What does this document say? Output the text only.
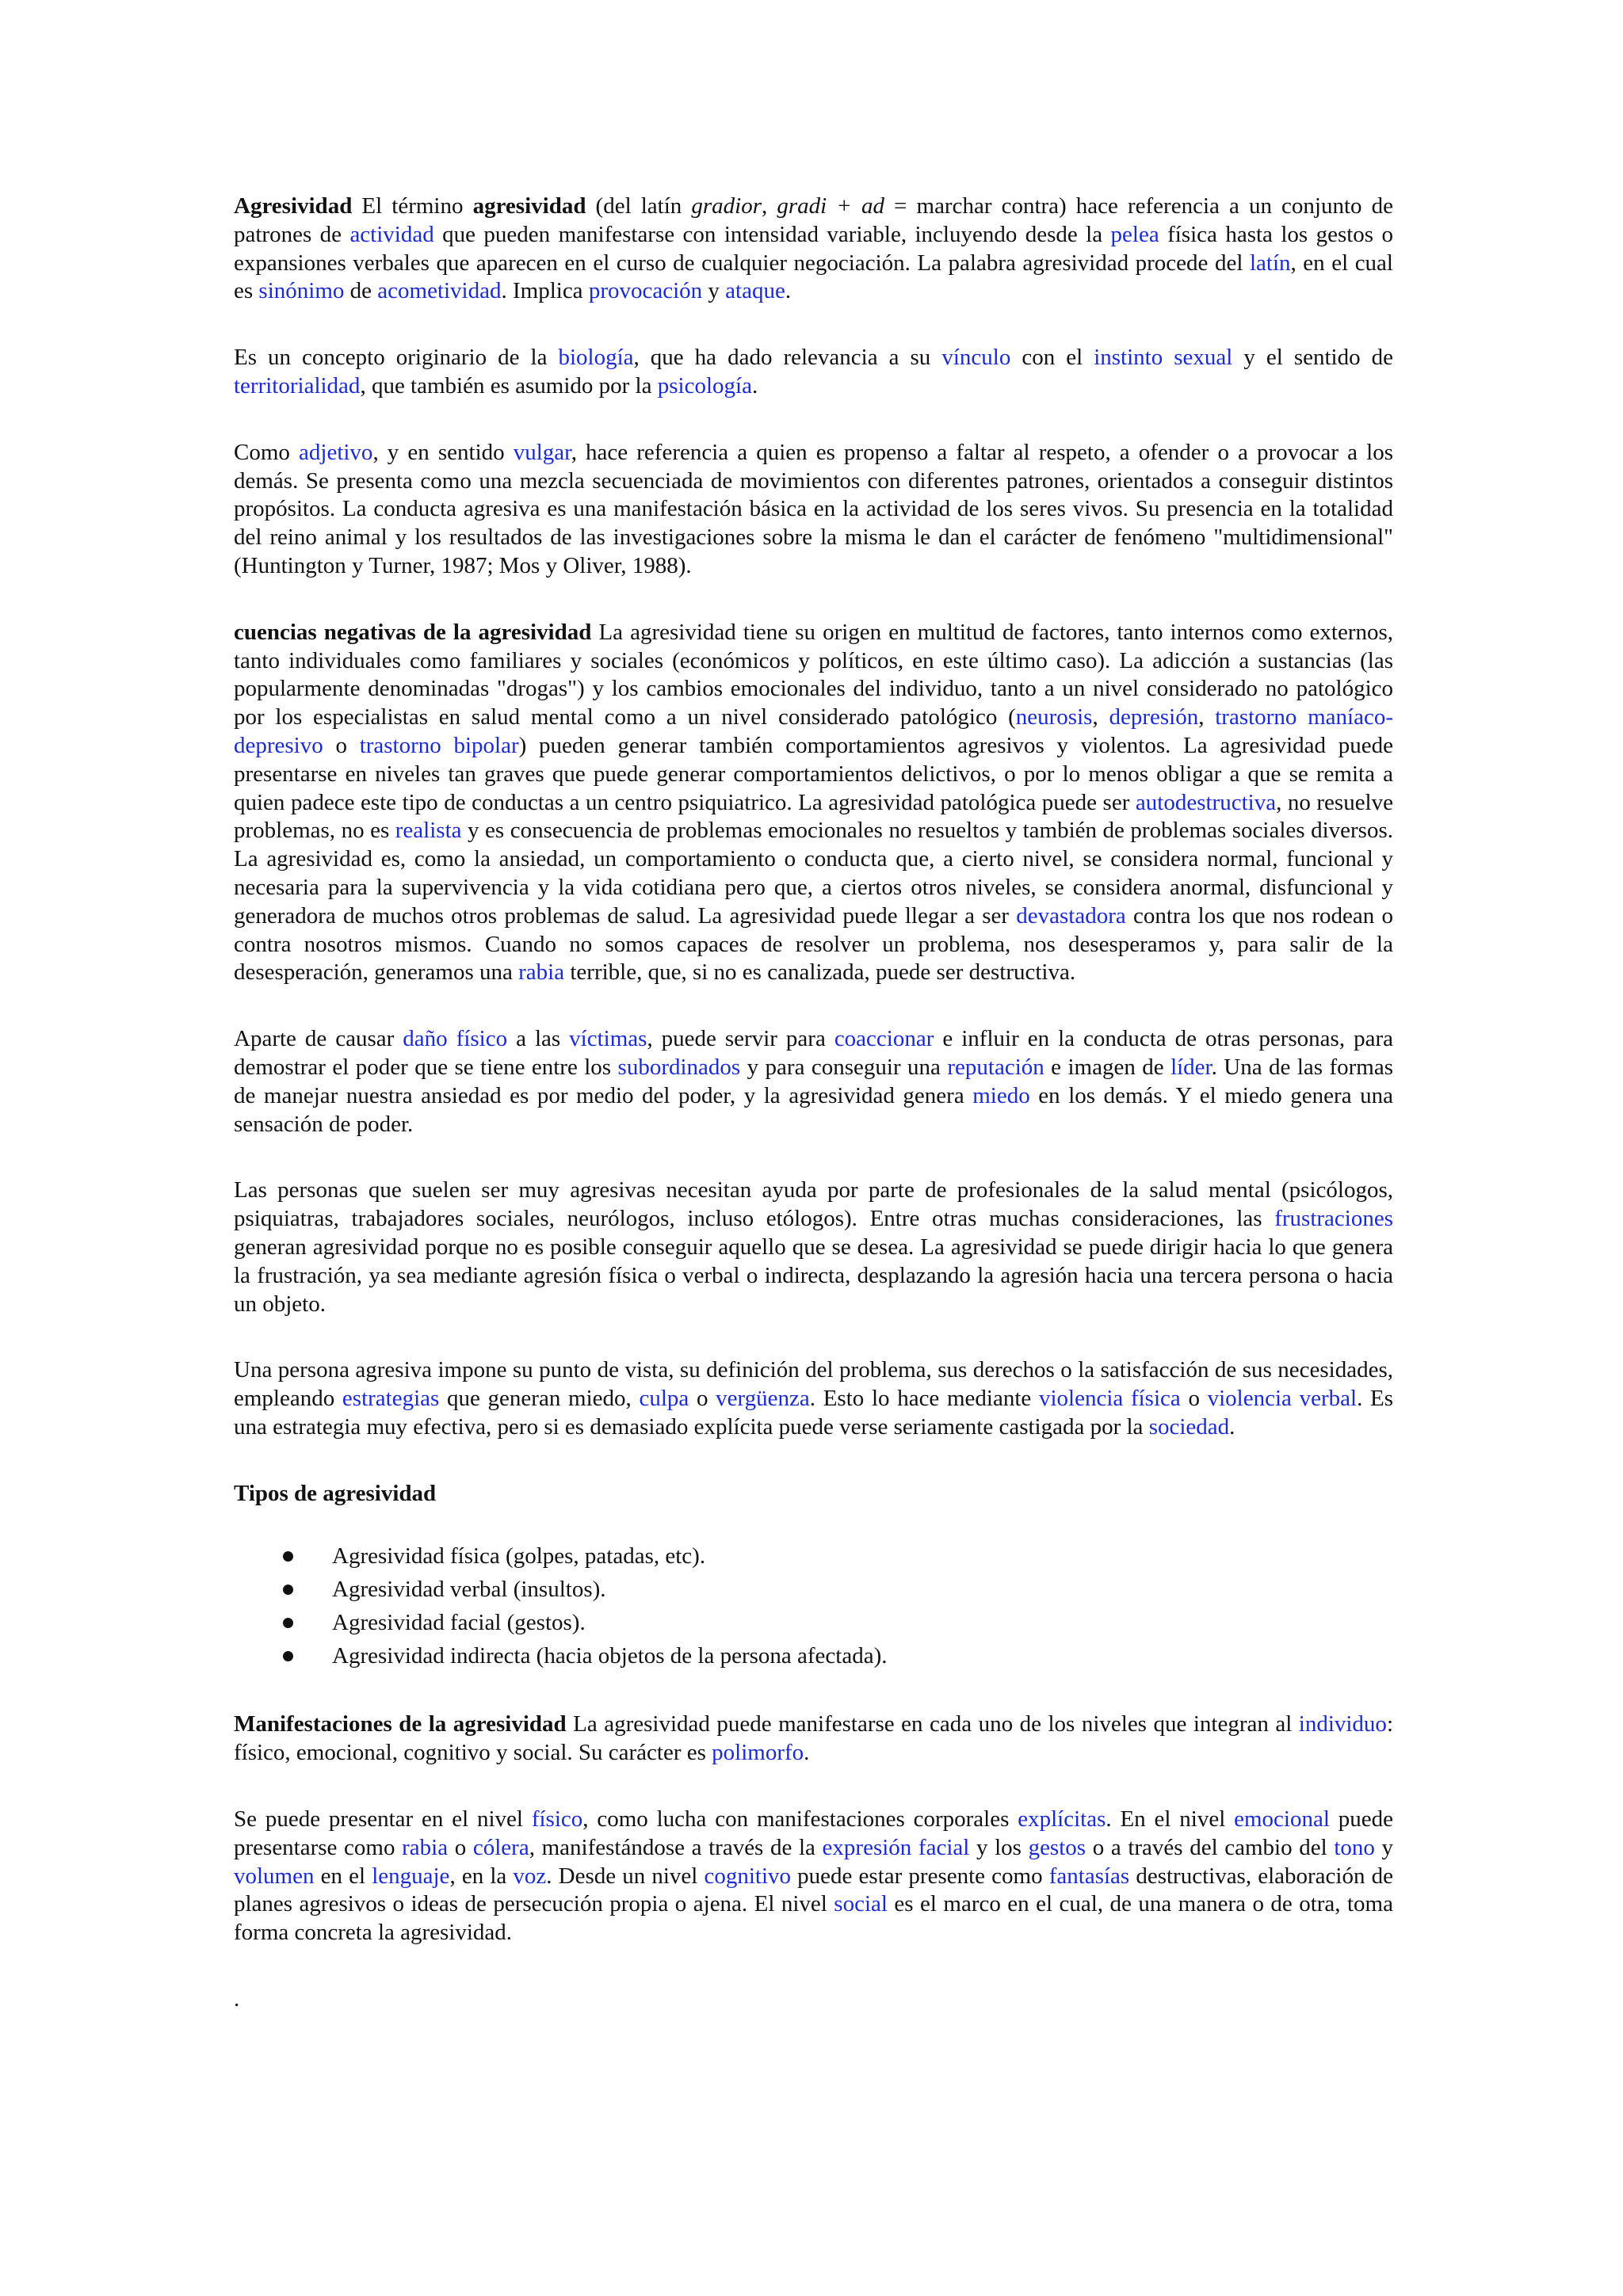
Agresividad El término agresividad (del latín gradior, gradi + ad = marchar contra) hace referencia a un conjunto de patrones de actividad que pueden manifestarse con intensidad variable, incluyendo desde la pelea física hasta los gestos o expansiones verbales que aparecen en el curso de cualquier negociación. La palabra agresividad procede del latín, en el cual es sinónimo de acometividad. Implica provocación y ataque.

Es un concepto originario de la biología, que ha dado relevancia a su vínculo con el instinto sexual y el sentido de territorialidad, que también es asumido por la psicología.

Como adjetivo, y en sentido vulgar, hace referencia a quien es propenso a faltar al respeto, a ofender o a provocar a los demás. Se presenta como una mezcla secuenciada de movimientos con diferentes patrones, orientados a conseguir distintos propósitos. La conducta agresiva es una manifestación básica en la actividad de los seres vivos. Su presencia en la totalidad del reino animal y los resultados de las investigaciones sobre la misma le dan el carácter de fenómeno "multidimensional" (Huntington y Turner, 1987; Mos y Oliver, 1988).

cuencias negativas de la agresividad La agresividad tiene su origen en multitud de factores, tanto internos como externos, tanto individuales como familiares y sociales (económicos y políticos, en este último caso). La adicción a sustancias (las popularmente denominadas "drogas") y los cambios emocionales del individuo, tanto a un nivel considerado no patológico por los especialistas en salud mental como a un nivel considerado patológico (neurosis, depresión, trastorno maníaco-depresivo o trastorno bipolar) pueden generar también comportamientos agresivos y violentos. La agresividad puede presentarse en niveles tan graves que puede generar comportamientos delictivos, o por lo menos obligar a que se remita a quien padece este tipo de conductas a un centro psiquiatrico. La agresividad patológica puede ser autodestructiva, no resuelve problemas, no es realista y es consecuencia de problemas emocionales no resueltos y también de problemas sociales diversos. La agresividad es, como la ansiedad, un comportamiento o conducta que, a cierto nivel, se considera normal, funcional y necesaria para la supervivencia y la vida cotidiana pero que, a ciertos otros niveles, se considera anormal, disfuncional y generadora de muchos otros problemas de salud. La agresividad puede llegar a ser devastadora contra los que nos rodean o contra nosotros mismos. Cuando no somos capaces de resolver un problema, nos desesperamos y, para salir de la desesperación, generamos una rabia terrible, que, si no es canalizada, puede ser destructiva.

Aparte de causar daño físico a las víctimas, puede servir para coaccionar e influir en la conducta de otras personas, para demostrar el poder que se tiene entre los subordinados y para conseguir una reputación e imagen de líder. Una de las formas de manejar nuestra ansiedad es por medio del poder, y la agresividad genera miedo en los demás. Y el miedo genera una sensación de poder.

Las personas que suelen ser muy agresivas necesitan ayuda por parte de profesionales de la salud mental (psicólogos, psiquiatras, trabajadores sociales, neurólogos, incluso etólogos). Entre otras muchas consideraciones, las frustraciones generan agresividad porque no es posible conseguir aquello que se desea. La agresividad se puede dirigir hacia lo que genera la frustración, ya sea mediante agresión física o verbal o indirecta, desplazando la agresión hacia una tercera persona o hacia un objeto.

Una persona agresiva impone su punto de vista, su definición del problema, sus derechos o la satisfacción de sus necesidades, empleando estrategias que generan miedo, culpa o vergüenza. Esto lo hace mediante violencia física o violencia verbal. Es una estrategia muy efectiva, pero si es demasiado explícita puede verse seriamente castigada por la sociedad.

Tipos de agresividad
Agresividad física (golpes, patadas, etc).
Agresividad verbal (insultos).
Agresividad facial (gestos).
Agresividad indirecta (hacia objetos de la persona afectada).

Manifestaciones de la agresividad La agresividad puede manifestarse en cada uno de los niveles que integran al individuo: físico, emocional, cognitivo y social. Su carácter es polimorfo.

Se puede presentar en el nivel físico, como lucha con manifestaciones corporales explícitas. En el nivel emocional puede presentarse como rabia o cólera, manifestándose a través de la expresión facial y los gestos o a través del cambio del tono y volumen en el lenguaje, en la voz. Desde un nivel cognitivo puede estar presente como fantasías destructivas, elaboración de planes agresivos o ideas de persecución propia o ajena. El nivel social es el marco en el cual, de una manera o de otra, toma forma concreta la agresividad.

.
